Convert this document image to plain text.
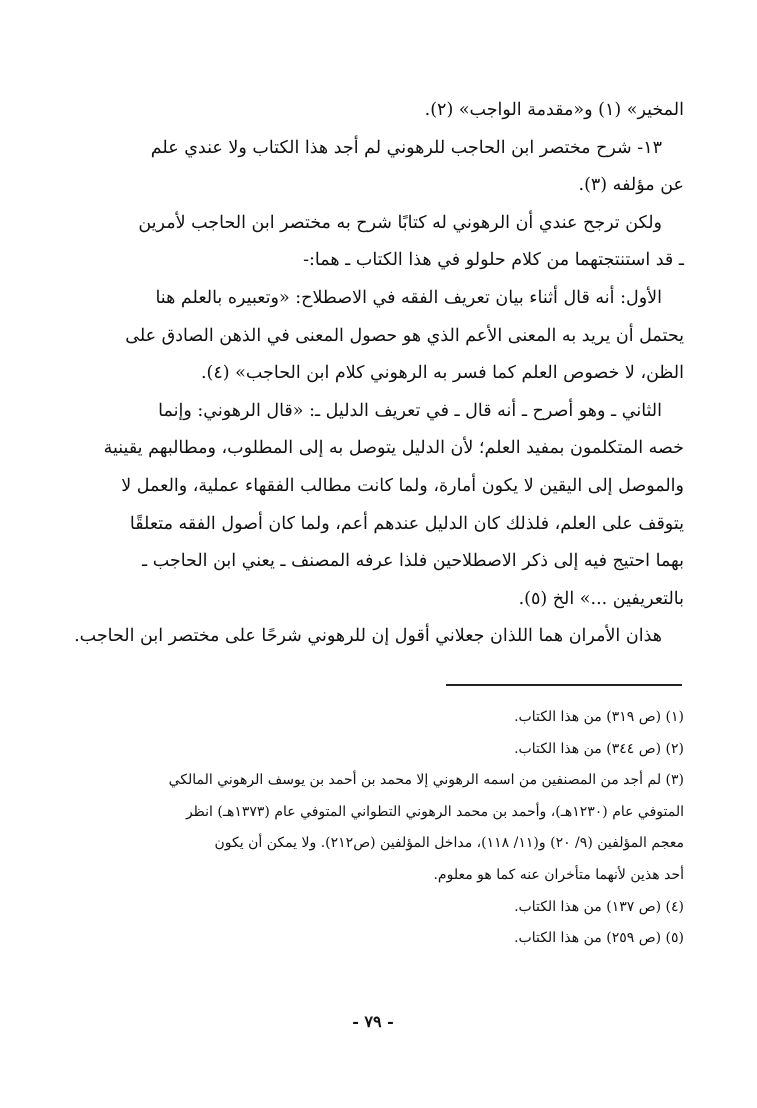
المخير» (١) و«مقدمة الواجب» (٢).

١٣- شرح مختصر ابن الحاجب للرهوني لم أجد هذا الكتاب ولا عندي علم

عن مؤلفه (٣).

ولكن ترجح عندي أن الرهوني له كتابًا شرح به مختصر ابن الحاجب لأمرين

ـ قد استنتجتهما من كلام حلولو في هذا الكتاب ـ هما:-

الأول: أنه قال أثناء بيان تعريف الفقه في الاصطلاح: «وتعبيره بالعلم هنا

يحتمل أن يريد به المعنى الأعم الذي هو حصول المعنى في الذهن الصادق على

الظن، لا خصوص العلم كما فسر به الرهوني كلام ابن الحاجب» (٤).

الثاني ـ وهو أصرح ـ أنه قال ـ في تعريف الدليل ـ: «قال الرهوني: وإنما

خصه المتكلمون بمفيد العلم؛ لأن الدليل يتوصل به إلى المطلوب، ومطالبهم يقينية

والموصل إلى اليقين لا يكون أمارة، ولما كانت مطالب الفقهاء عملية، والعمل لا

يتوقف على العلم، فلذلك كان الدليل عندهم أعم، ولما كان أصول الفقه متعلقًا

بهما احتيج فيه إلى ذكر الاصطلاحين فلذا عرفه المصنف ـ يعني ابن الحاجب ـ

بالتعريفين ...» الخ (٥).

هذان الأمران هما اللذان جعلاني أقول إن للرهوني شرحًا على مختصر ابن الحاجب.

(١) (ص ٣١٩) من هذا الكتاب.

(٢) (ص ٣٤٤) من هذا الكتاب.

(٣) لم أجد من المصنفين من اسمه الرهوني إلا محمد بن أحمد بن يوسف الرهوني المالكي

المتوفي عام (١٢٣٠هـ)، وأحمد بن محمد الرهوني التطواني المتوفي عام (١٣٧٣هـ) انظر

معجم المؤلفين (٩/ ٢٠) و(١١/ ١١٨)، مداخل المؤلفين (ص٢١٢). ولا يمكن أن يكون

أحد هذين لأنهما متأخران عنه كما هو معلوم.

(٤) (ص ١٣٧) من هذا الكتاب.

(٥) (ص ٢٥٩) من هذا الكتاب.

- ٧٩ -
